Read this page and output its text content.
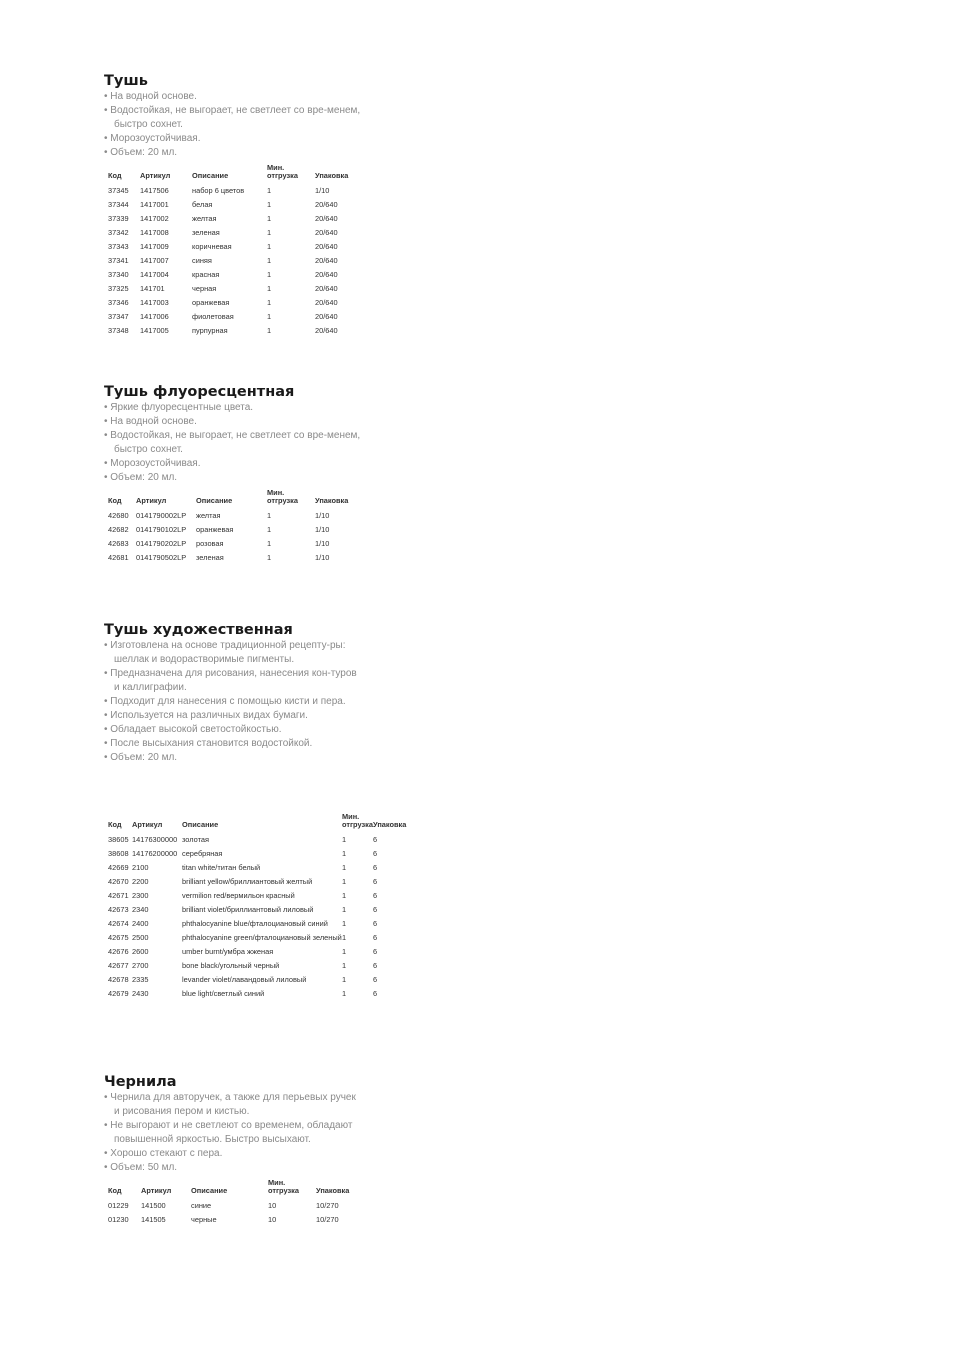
Тушь
• На водной основе.
• Водостойкая, не выгорает, не светлеет со вре-менем, быстро сохнет.
• Морозоустойчивая.
• Объем: 20 мл.
Код	Артикул	Описание	Мин. отгрузка	Упаковка
37345	1417506	набор 6 цветов	1	1/10
37344	1417001	белая	1	20/640
37339	1417002	желтая	1	20/640
37342	1417008	зеленая	1	20/640
37343	1417009	коричневая	1	20/640
37341	1417007	синяя	1	20/640
37340	1417004	красная	1	20/640
37325	141701	черная	1	20/640
37346	1417003	оранжевая	1	20/640
37347	1417006	фиолетовая	1	20/640
37348	1417005	пурпурная	1	20/640
Тушь флуоресцентная
• Яркие флуоресцентные цвета.
• На водной основе.
• Водостойкая, не выгорает, не светлеет со вре-менем, быстро сохнет.
• Морозоустойчивая.
• Объем: 20 мл.
Код	Артикул	Описание	Мин. отгрузка	Упаковка
42680	0141790002LP	желтая	1	1/10
42682	0141790102LP	оранжевая	1	1/10
42683	0141790202LP	розовая	1	1/10
42681	0141790502LP	зеленая	1	1/10
Тушь художественная
• Изготовлена на основе традиционной рецепту-ры: шеллак и водорастворимые пигменты.
• Предназначена для рисования, нанесения кон-туров и каллиграфии.
• Подходит для нанесения с помощью кисти и пера.
• Используется на различных видах бумаги.
• Обладает высокой светостойкостью.
• После высыхания становится водостойкой.
• Объем: 20 мл.
Код	Артикул	Описание	Мин. отгрузка	Упаковка
38605	14176300000	золотая	1	6
38608	14176200000	серебряная	1	6
42669	2100	titan white/титан белый	1	6
42670	2200	brilliant yellow/бриллиантовый желтый	1	6
42671	2300	vermilion red/вермильон красный	1	6
42673	2340	brilliant violet/бриллиантовый лиловый	1	6
42674	2400	phthalocyanine blue/фталоцианoвый синий	1	6
42675	2500	phthalocyanine green/фталоцианoвый зеленый	1	6
42676	2600	umber burnt/умбра жженая	1	6
42677	2700	bone black/угольный черный	1	6
42678	2335	levander violet/лавандовый лиловый	1	6
42679	2430	blue light/светлый синий	1	6
Чернила
• Чернила для авторучек, а также для перьевых ручек и рисования пером и кистью.
• Не выгорают и не светлеют со временем, обладают повышенной яркостью. Быстро высыхают.
• Хорошо стекают с пера.
• Объем: 50 мл.
Код	Артикул	Описание	Мин. отгрузка	Упаковка
01229	141500	синие	10	10/270
01230	141505	черные	10	10/270
